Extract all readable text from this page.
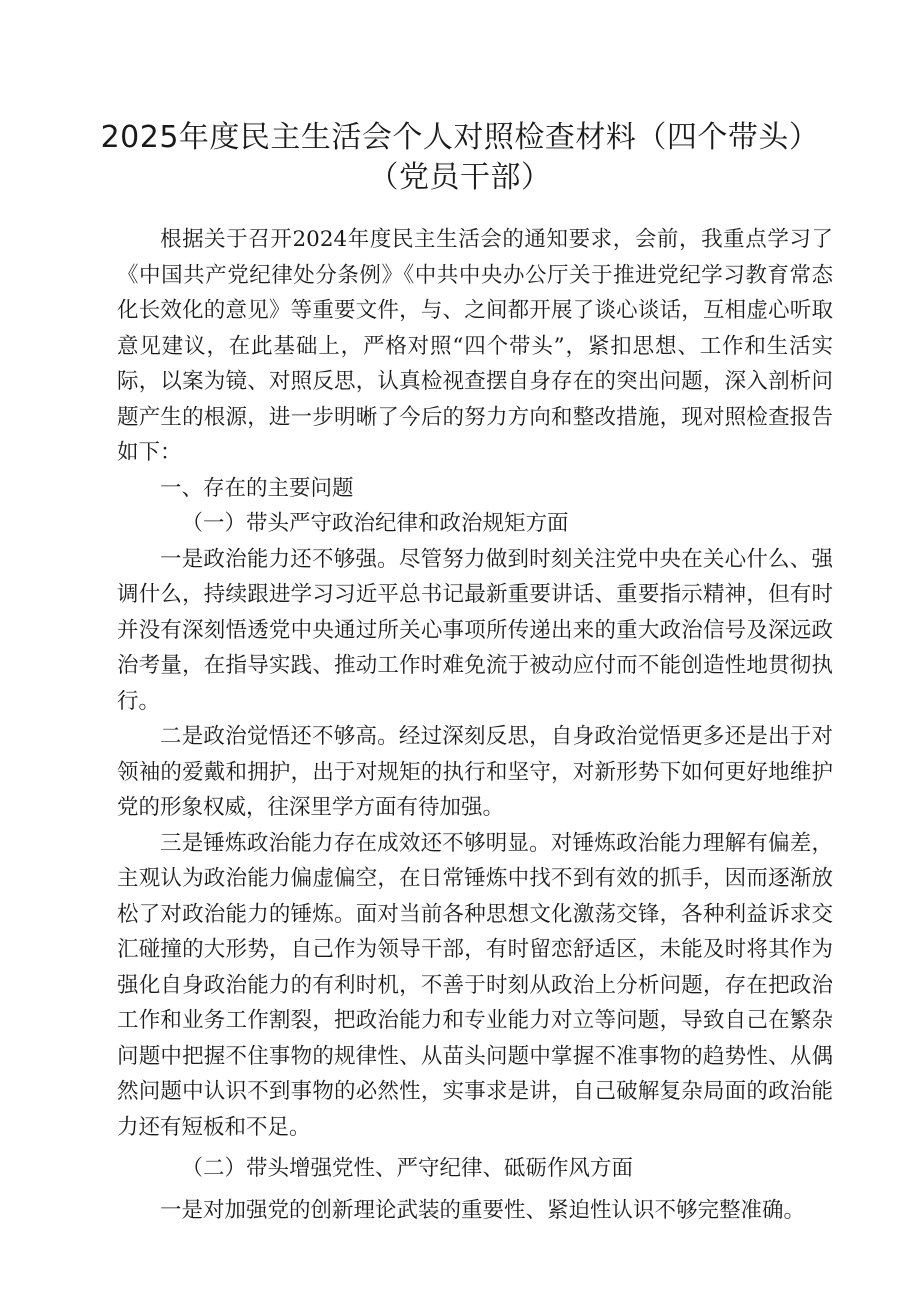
2025年度民主生活会个人对照检查材料（四个带头）（党员干部）

根据关于召开2024年度民主生活会的通知要求，会前，我重点学习了《中国共产党纪律处分条例》《中共中央办公厅关于推进党纪学习教育常态化长效化的意见》等重要文件，与、之间都开展了谈心谈话，互相虚心听取意见建议，在此基础上，严格对照“四个带头”，紧扣思想、工作和生活实际，以案为镜、对照反思，认真检视查摆自身存在的突出问题，深入剖析问题产生的根源，进一步明晰了今后的努力方向和整改措施，现对照检查报告如下：

一、存在的主要问题

（一）带头严守政治纪律和政治规矩方面

一是政治能力还不够强。尽管努力做到时刻关注党中央在关心什么、强调什么，持续跟进学习习近平总书记最新重要讲话、重要指示精神，但有时并没有深刻悟透党中央通过所关心事项所传递出来的重大政治信号及深远政治考量，在指导实践、推动工作时难免流于被动应付而不能创造性地贯彻执行。

二是政治觉悟还不够高。经过深刻反思，自身政治觉悟更多还是出于对领袖的爱戴和拥护，出于对规矩的执行和坚守，对新形势下如何更好地维护党的形象权威，往深里学方面有待加强。

三是锤炼政治能力存在成效还不够明显。对锤炼政治能力理解有偏差，主观认为政治能力偏虚偏空，在日常锤炼中找不到有效的抓手，因而逐渐放松了对政治能力的锤炼。面对当前各种思想文化激荡交锋，各种利益诉求交汇碰撞的大形势，自己作为领导干部，有时留恋舒适区，未能及时将其作为强化自身政治能力的有利时机，不善于时刻从政治上分析问题，存在把政治工作和业务工作割裂，把政治能力和专业能力对立等问题，导致自己在繁杂问题中把握不住事物的规律性、从苗头问题中掌握不准事物的趋势性、从偶然问题中认识不到事物的必然性，实事求是讲，自己破解复杂局面的政治能力还有短板和不足。

（二）带头增强党性、严守纪律、砥砺作风方面

一是对加强党的创新理论武装的重要性、紧迫性认识不够完整准确。
